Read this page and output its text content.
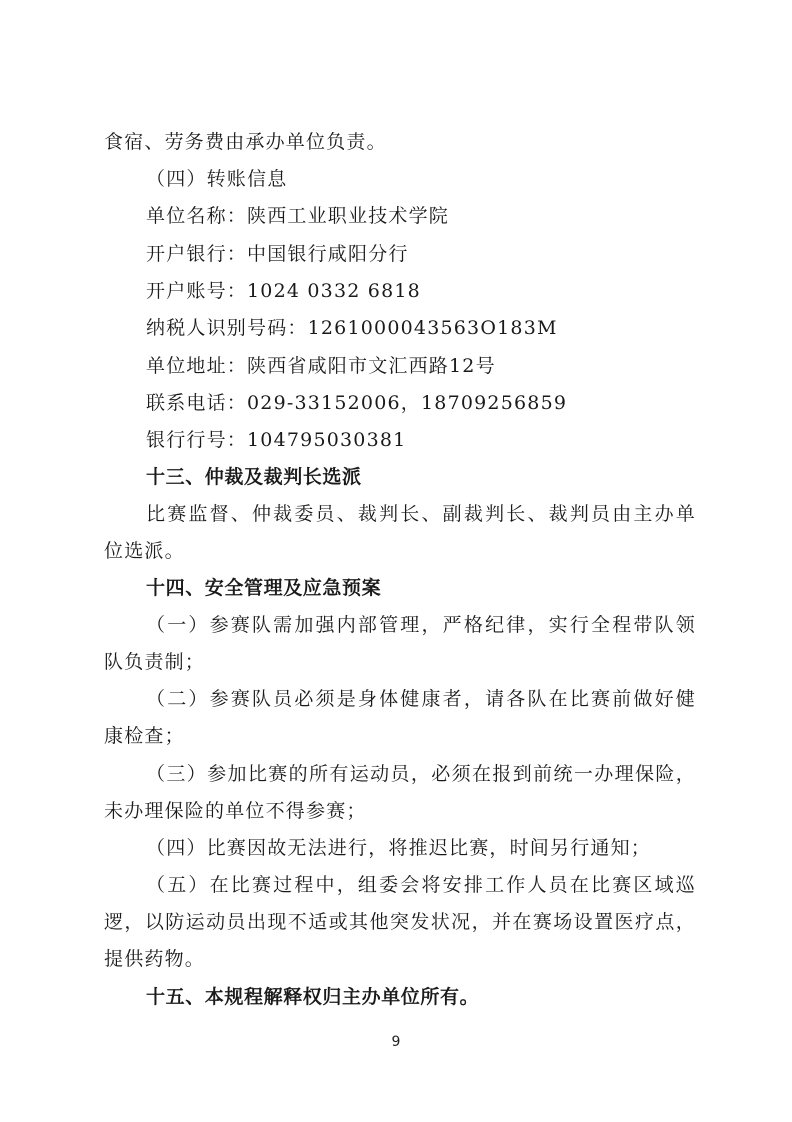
食宿、劳务费由承办单位负责。
（四）转账信息
单位名称：陕西工业职业技术学院
开户银行：中国银行咸阳分行
开户账号：1024 0332 6818
纳税人识别号码：1261000043563O183M
单位地址：陕西省咸阳市文汇西路12号
联系电话：029-33152006，18709256859
银行行号：104795030381
十三、仲裁及裁判长选派
比赛监督、仲裁委员、裁判长、副裁判长、裁判员由主办单
位选派。
十四、安全管理及应急预案
（一）参赛队需加强内部管理，严格纪律，实行全程带队领
队负责制；
（二）参赛队员必须是身体健康者，请各队在比赛前做好健
康检查；
（三）参加比赛的所有运动员，必须在报到前统一办理保险，
未办理保险的单位不得参赛；
（四）比赛因故无法进行，将推迟比赛，时间另行通知；
（五）在比赛过程中，组委会将安排工作人员在比赛区域巡
逻，以防运动员出现不适或其他突发状况，并在赛场设置医疗点，
提供药物。
十五、本规程解释权归主办单位所有。
9
